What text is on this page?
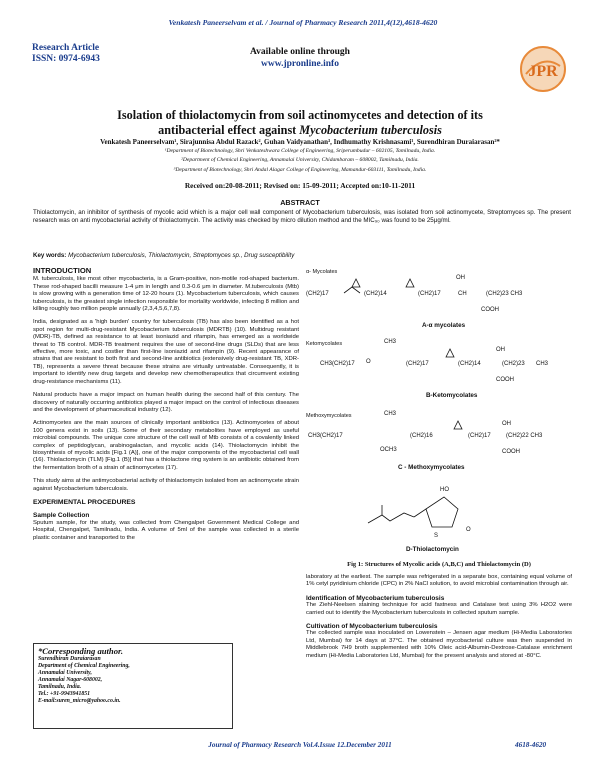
Venkatesh Paneerselvam et al. / Journal of Pharmacy Research 2011,4(12),4618-4620
Research Article
ISSN: 0974-6943
Available online through
www.jpronline.info	JPR
Isolation of thiolactomycin from soil actinomycetes and detection of its
antibacterial effect against Mycobacterium tuberculosis
Venkatesh Paneerselvam¹, Sirajunnisa Abdul Razack², Guhan Vaidyanathan³, Indhumathy Krishnasami¹, Surendhiran Duraiarasan²*
¹Department of Biotechnology, Shri Venkateshwara College of Engineering, Sriperumbudur – 602105, Tamilnadu, India.
²Department of Chemical Engineering, Annamalai University, Chidambaram – 608002, Tamilnadu, India.
³Department of Biotechnology, Shri Andal Alagar College of Engineering, Mamandur-603111, Tamilnadu, India.
Received on:20-08-2011; Revised on: 15-09-2011; Accepted on:10-11-2011
ABSTRACT
Thiolactomycin, an inhibitor of synthesis of mycolic acid which is a major cell wall component of Mycobacterium tuberculosis, was isolated from soil actinomycete, Streptomyces sp. The present research was on anti mycobacterial activity of thiolactomycin. The activity was checked by micro dilution method and the MIC₉₀ was found to be 25μg/ml.
Key words: Mycobacterium tuberculosis, Thiolactomycin, Streptomyces sp., Drug susceptibility
INTRODUCTION
M. tuberculosis, like most other mycobacteria, is a Gram-positive, non-motile rod-shaped bacterium. These rod-shaped bacilli measure 1-4 μm in length and 0.3-0.6 μm in diameter. M.tuberculosis (Mtb) is slow growing with a generation time of 12-20 hours (1). Mycobacterium tuberculosis, which causes tuberculosis, is the greatest single infection responsible for mortality worldwide, infecting 8 million and killing roughly two million people annually (2,3,4,5,6,7,8).
India, designated as a 'high burden' country for tuberculosis (TB) has also been identified as a hot spot region for multi-drug-resistant Mycobacterium tuberculosis (MDRTB) (10). Multidrug resistant (MDR)-TB, defined as resistance to at least isoniazid and rifampin, has emerged as a worldwide threat to TB control. MDR-TB treatment requires the use of second-line drugs (SLDs) that are less effective, more toxic, and costlier than first-line isoniazid and rifampin (9). Recent appearance of strains that are resistant to both first and second-line antibiotics (extensively drug-resistant TB, XDR-TB), represents a severe threat because these strains are virtually untreatable. Consequently, it is important to identify new drug targets and develop new chemotherapeutics that circumvent existing drug-resistance mechanisms (11).
Natural products have a major impact on human health during the second half of this century. The discovery of naturally occurring antibiotics played a major impact on the control of infectious diseases and the development of pharmaceutical industry (12).
Actinomycetes are the main sources of clinically important antibiotics (13). Actinomycetes of about 100 genera exist in soils (13). Some of their secondary metabolites have employed as useful microbial compounds. The unique core structure of the cell wall of Mtb consists of a covalently linked complex of peptidoglycan, arabinogalactan, and mycolic acids (14). Thiolactomycin inhibit the biosynthesis of mycolic acids [Fig.1 (A)], one of the major components of the mycobacterial cell wall (16). Thiolactomycin (TLM) [Fig.1 (B)] that has a thiolactone ring system is an antibiotic obtained from the fermentation broth of a strain of actinomycetes (17).
This study aims at the antimycobacterial activity of thiolactomycin isolated from an actinomycete strain against Mycobacterium tuberculosis.
EXPERIMENTAL PROCEDURES
Sample Collection
Sputum sample, for the study, was collected from Chengalpet Government Medical College and Hospital, Chengalpet, Tamilnadu, India. A volume of 5ml of the sample was collected in a sterile plastic container and transported to the
*Corresponding author.
Surendhiran Duraiarasan
Department of Chemical Engineering,
Annamalai University,
Annamalai Nagar-608002,
Tamilnadu, India.
Tel.: +91-9943941851
E-mail:suren_micro@yahoo.co.in.
α- Mycolates
(CH2)17	(CH2)14	(CH2)17	CH
OH
(CH2)23 CH3
COOH
A-α mycolates
Ketomycolates	CH3
CH3(CH2)17 O	(CH2)17	(CH2)14
OH
(CH2)23 CH3
COOH
B-Ketomycolates
Methoxymycolates	CH3
CH3(CH2)17
OCH3
(CH2)16	(CH2)17
OH
(CH2)22 CH3
COOH
C - Methoxymycolates
HO
S
O
D-Thiolactomycin
Fig 1: Structures of Mycolic acids (A,B,C) and Thiolactomycin (D)
laboratory at the earliest. The sample was refrigerated in a separate box, containing equal volume of 1% cetyl pyridinium chloride (CPC) in 2% NaCl solution, to avoid microbial contamination through air.
Identification of Mycobacterium tuberculosis
The Ziehl-Neelsen staining technique for acid fastness and Catalase test using 3% H2O2 were carried out to identify the Mycobacterium tuberculosis in collected sputum sample.
Cultivation of Mycobacterium tuberculosis
The collected sample was inoculated on Lowenstein – Jensen agar medium (Hi-Media Laboratories Ltd, Mumbai) for 14 days at 37°C. The obtained mycobacterial culture was then suspended in Middlebrook 7H9 broth supplemented with 10% Oleic acid-Albumin-Dextrose-Catalase enrichment medium (Hi-Media Laboratories Ltd, Mumbai) for the present analysis and stored at -80°C.
Journal of Pharmacy Research Vol.4.Issue 12.December 2011	4618-4620
